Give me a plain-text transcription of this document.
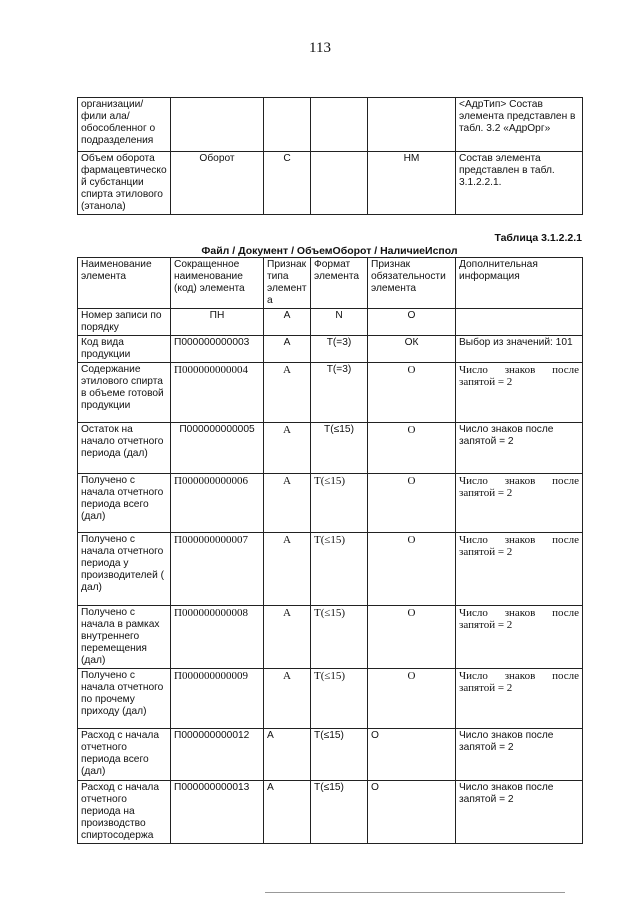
113
организации/фили ала/обособленног о подразделения					<АдрТип> Состав элемента представлен в табл. 3.2 «АдрОрг»
Объем оборота фармацевтической субстанции спирта этилового (этанола)	Оборот	С		НМ	Состав элемента представлен в табл. 3.1.2.2.1.
Таблица 3.1.2.2.1
Файл / Документ / ОбъемОборот / НаличиеИспол
Наименование элемента	Сокращенное наименование (код) элемента	Признак типа элемент а	Формат элемента	Признак обязательности элемента	Дополнительная информация
Номер записи по порядку	ПН	А	N	О	
Код вида продукции	П000000000003	А	T(=3)	ОК	Выбор из значений: 101
Содержание этилового спирта в объеме готовой продукции	П000000000004	А	T(=3)	О	Число знаков после запятой = 2
Остаток на начало отчетного периода (дал)	П000000000005	А	T(≤15)	О	Число знаков после запятой = 2
Получено с начала отчетного периода всего (дал)	П000000000006	А	T(≤15)	О	Число знаков после запятой = 2
Получено с начала отчетного периода у производителей ( дал)	П000000000007	А	T(≤15)	О	Число знаков после запятой = 2
Получено с начала в рамках внутреннего перемещения (дал)	П000000000008	А	T(≤15)	О	Число знаков после запятой = 2
Получено с начала отчетного по прочему приходу (дал)	П000000000009	А	T(≤15)	О	Число знаков после запятой = 2
Расход с начала отчетного периода всего (дал)	П000000000012	А	T(≤15)	О	Число знаков после запятой = 2
Расход с начала отчетного периода на производство спиртосодержа	П000000000013	А	T(≤15)	О	Число знаков после запятой = 2
